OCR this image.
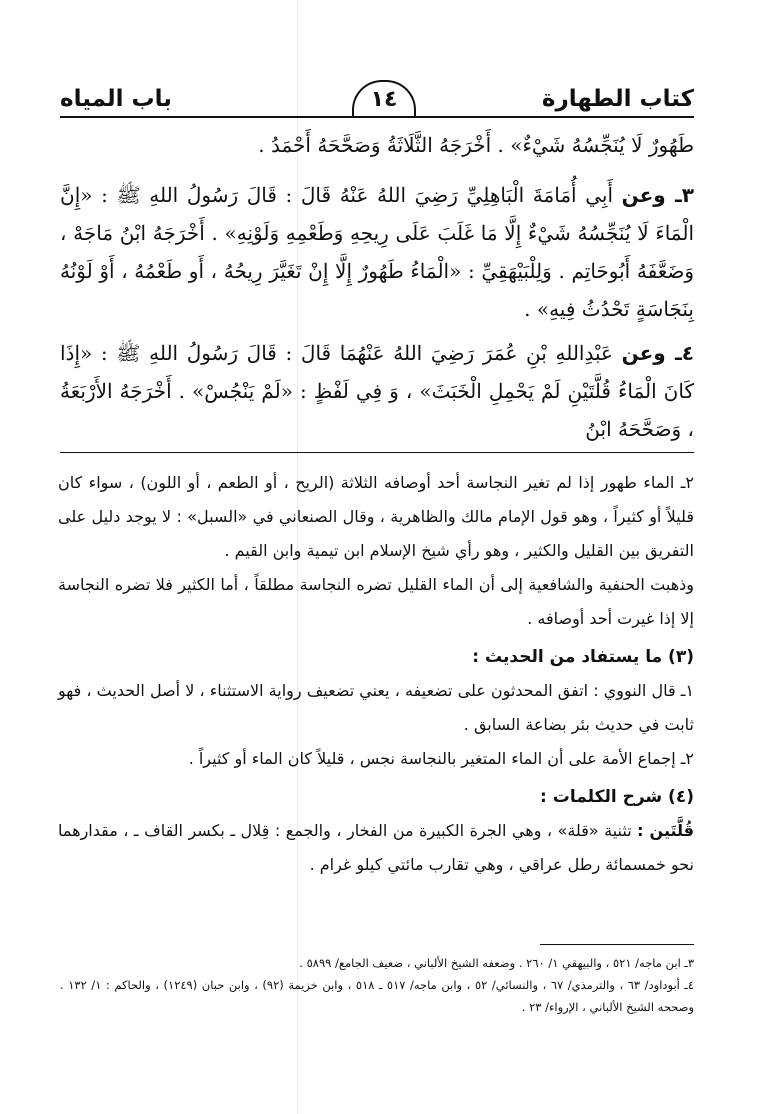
كتاب الطهارة
١٤
باب المياه

طَهُورٌ لَا يُنَجِّسُهُ شَيْءٌ» . أَخْرَجَهُ الثَّلَاثَةُ وَصَحَّحَهُ أَحْمَدُ .

٣ـ وعن أَبِي أُمَامَةَ الْبَاهِلِيِّ رَضِيَ اللهُ عَنْهُ قَالَ : قَالَ رَسُولُ اللهِ ﷺ : «إِنَّ الْمَاءَ لَا يُنَجِّسُهُ شَيْءٌ إِلَّا مَا غَلَبَ عَلَى رِيحِهِ وَطَعْمِهِ وَلَوْنِهِ» . أَخْرَجَهُ ابْنُ مَاجَهْ ، وَضَعَّفَهُ أَبُوحَاتِم . وَلِلْبَيْهَقِيِّ : «الْمَاءُ طَهُورٌ إِلَّا إِنْ تَغَيَّرَ رِيحُهُ ، أَو طَعْمُهُ ، أَوْ لَوْنُهُ بِنَجَاسَةٍ تَحْدُثُ فِيهِ» .

٤ـ وعن عَبْدِاللهِ بْنِ عُمَرَ رَضِيَ اللهُ عَنْهُمَا قَالَ : قَالَ رَسُولُ اللهِ ﷺ : «إِذَا كَانَ الْمَاءُ قُلَّتَيْنِ لَمْ يَحْمِلِ الْخَبَثَ» ، وَ فِي لَفْظٍ : «لَمْ يَنْجُسْ» . أَخْرَجَهُ الأَرْبَعَةُ ، وَصَحَّحَهُ ابْنُ

٢ـ الماء طهور إذا لم تغير النجاسة أحد أوصافه الثلاثة (الريح ، أو الطعم ، أو اللون) ، سواء كان قليلاً أو كثيراً ، وهو قول الإمام مالك والظاهرية ، وقال الصنعاني في «السبل» : لا يوجد دليل على التفريق بين القليل والكثير ، وهو رأي شيخ الإسلام ابن تيمية وابن القيم .

وذهبت الحنفية والشافعية إلى أن الماء القليل تضره النجاسة مطلقاً ، أما الكثير فلا تضره النجاسة إلا إذا غيرت أحد أوصافه .

(٣) ما يستفاد من الحديث :

١ـ قال النووي : اتفق المحدثون على تضعيفه ، يعني تضعيف رواية الاستثناء ، لا أصل الحديث ، فهو ثابت في حديث بئر بضاعة السابق .

٢ـ إجماع الأمة على أن الماء المتغير بالنجاسة نجس ، قليلاً كان الماء أو كثيراً .

(٤) شرح الكلمات :

قُلَّتَين : تثنية «قلة» ، وهي الجرة الكبيرة من الفخار ، والجمع : قِلال ـ بكسر القاف ـ ، مقدارهما نحو خمسمائة رطل عراقي ، وهي تقارب مائتي كيلو غرام .

٣ـ ابن ماجه/ ٥٢١ ، والبيهقي ١/ ٢٦٠ . وضعفه الشيخ الألباني ، ضعيف الجامع/ ٥٨٩٩ .

٤ـ أبوداود/ ٦٣ ، والترمذي/ ٦٧ ، والنسائي/ ٥٢ ، وابن ماجه/ ٥١٧ ـ ٥١٨ ، وابن خزيمة (٩٢) ، وابن حبان (١٢٤٩) ، والحاكم : ١/ ١٣٢ . وصححه الشيخ الألباني ، الإرواء/ ٢٣ .
